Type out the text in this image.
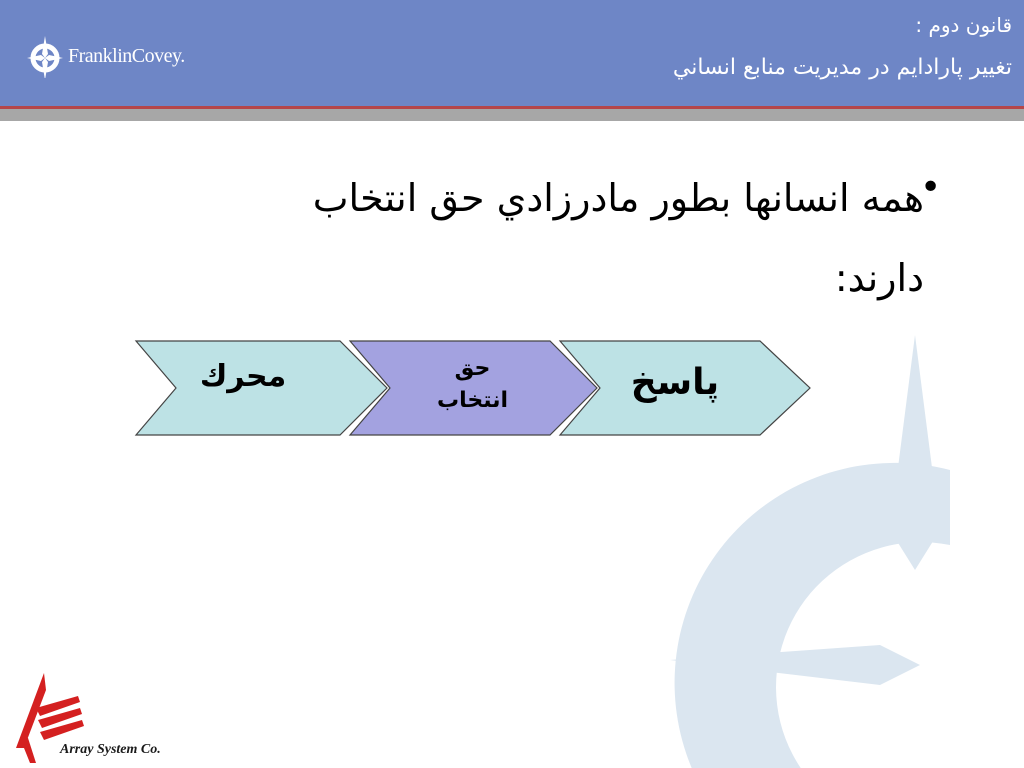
FranklinCovey.
قانون دوم :
تغيير پارادايم در مديريت منابع انساني
•
همه انسانها بطور مادرزادي حق انتخاب
دارند:
پاسخ
حق
انتخاب
محرك
Array System Co.
